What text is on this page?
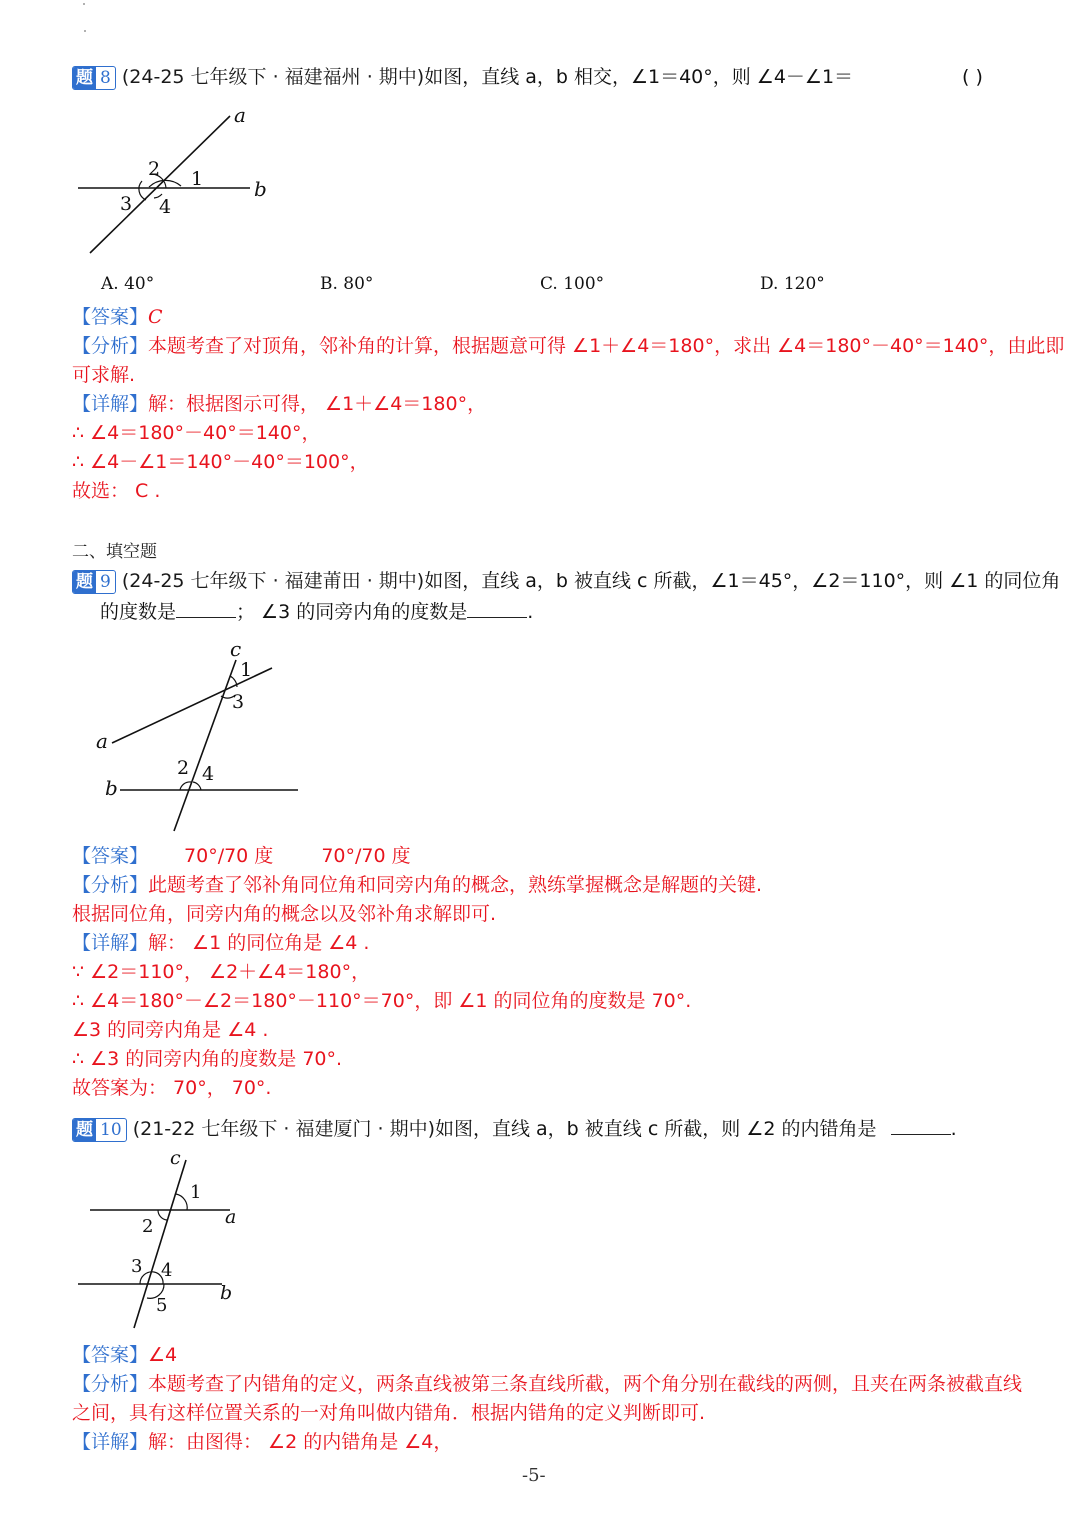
题 8 (24-25 七年级下 · 福建福州 · 期中)如图，直线 a，b 相交，∠1＝40°，则 ∠4－∠1＝	( )
a
b
1
2
3 4
A. 40°	B. 80°	C. 100°	D. 120°
【答案】C
【分析】本题考查了对顶角，邻补角的计算，根据题意可得 ∠1＋∠4＝180°，求出 ∠4＝180°－40°＝140°，由此即
可求解.
【详解】解：根据图示可得， ∠1＋∠4＝180°，
∴ ∠4＝180°－40°＝140°，
∴ ∠4－∠1＝140°－40°＝100°，
故选： C .
二、填空题
题 9 (24-25 七年级下 · 福建莆田 · 期中)如图，直线 a，b 被直线 c 所截，∠1＝45°，∠2＝110°，则 ∠1 的同位角
的度数是	； ∠3 的同旁内角的度数是	.
c
1
3
a
2 4
b
【答案】 70°/70 度	70°/70 度
【分析】此题考查了邻补角同位角和同旁内角的概念，熟练掌握概念是解题的关键.
根据同位角，同旁内角的概念以及邻补角求解即可.
【详解】解： ∠1 的同位角是 ∠4 .
∵ ∠2＝110°， ∠2＋∠4＝180°，
∴ ∠4＝180°－∠2＝180°－110°＝70°，即 ∠1 的同位角的度数是 70°.
∠3 的同旁内角是 ∠4 .
∴ ∠3 的同旁内角的度数是 70°.
故答案为： 70°， 70°.
题 10 (21-22 七年级下 · 福建厦门 · 期中)如图，直线 a，b 被直线 c 所截，则 ∠2 的内错角是	.
c
1
a
2
3 4
5
b
【答案】∠4
【分析】本题考查了内错角的定义，两条直线被第三条直线所截，两个角分别在截线的两侧，且夹在两条被截直线
之间，具有这样位置关系的一对角叫做内错角．根据内错角的定义判断即可.
【详解】解：由图得： ∠2 的内错角是 ∠4，
-5-
